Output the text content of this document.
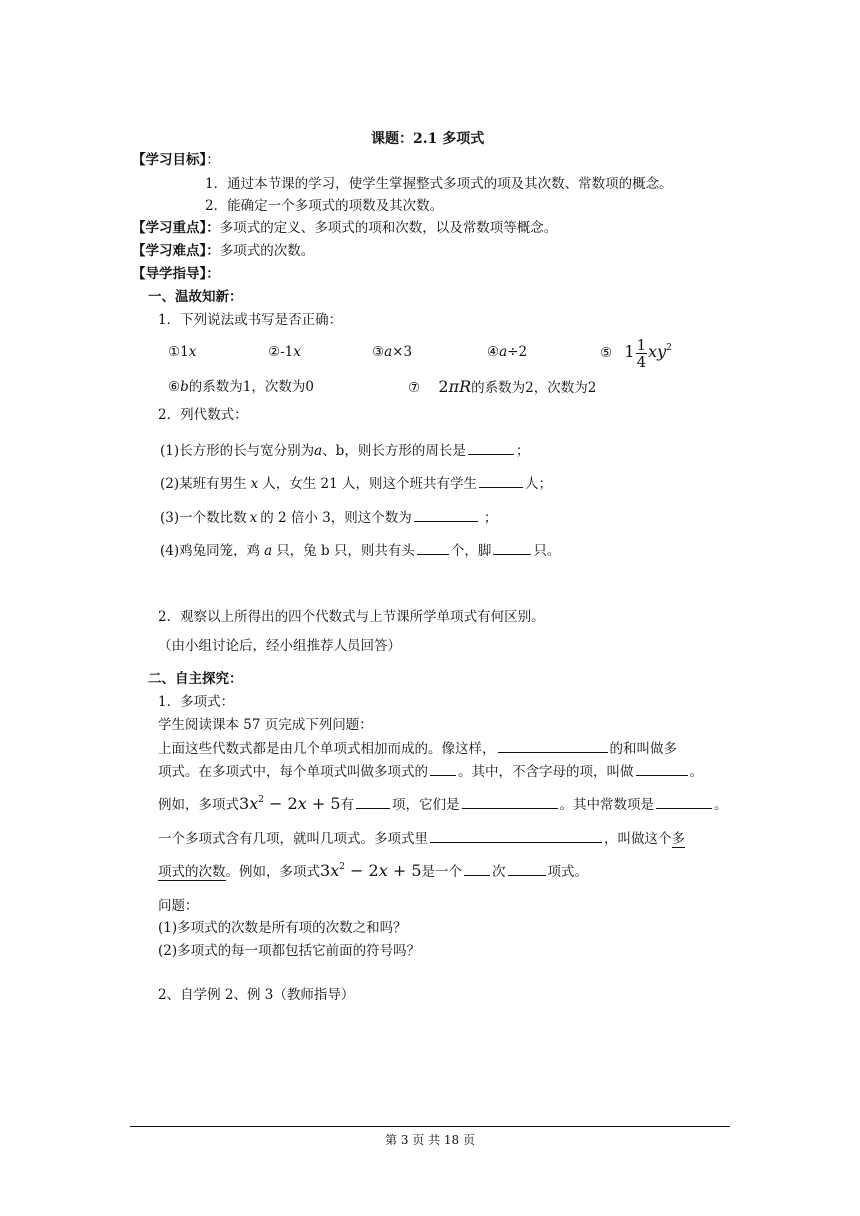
课题：2.1 多项式
【学习目标】：
1．通过本节课的学习，使学生掌握整式多项式的项及其次数、常数项的概念。
2．能确定一个多项式的项数及其次数。
【学习重点】：多项式的定义、多项式的项和次数，以及常数项等概念。
【学习难点】：多项式的次数。
【导学指导】：
一、温故知新：
1．下列说法或书写是否正确：
①1x	②-1x	③a×3	④a÷2	⑤ $1 \frac{1}{4} xy^2$
⑥b的系数为1，次数为0	⑦ 2πR的系数为2，次数为2
2．列代数式：
(1)长方形的长与宽分别为a、b，则长方形的周长是	；
(2)某班有男生 x 人，女生 21 人，则这个班共有学生	人；
(3)一个数比数 x 的 2 倍小 3，则这个数为	；
(4)鸡兔同笼，鸡 a 只，兔 b 只，则共有头	个，脚	只。
2．观察以上所得出的四个代数式与上节课所学单项式有何区别。
（由小组讨论后，经小组推荐人员回答）
二、自主探究：
1．多项式：
学生阅读课本 57 页完成下列问题：
上面这些代数式都是由几个单项式相加而成的。像这样，	的和叫做多
项式。在多项式中，每个单项式叫做多项式的 。其中，不含字母的项，叫做	。
例如，多项式$3x^2 - 2x + 5$有	项，它们是	。其中常数项是	。
一个多项式含有几项，就叫几项式。多项式里	，叫做这个多
项式的次数。例如，多项式$3x^2 - 2x + 5$是一个 次	项式。
问题：
(1)多项式的次数是所有项的次数之和吗？
(2)多项式的每一项都包括它前面的符号吗？
2、自学例 2、例 3（教师指导）
第 3 页 共 18 页
